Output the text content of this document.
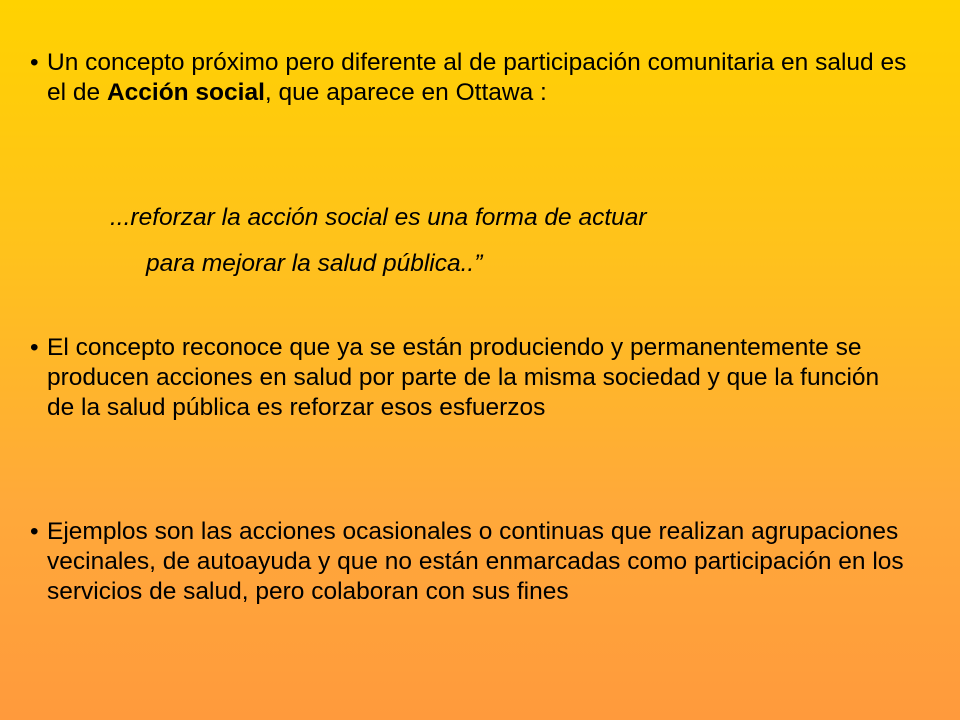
• Un concepto próximo pero diferente al de participación comunitaria en salud es el de Acción social, que aparece en Ottawa :
...reforzar la acción social es una forma de actuar
para mejorar la salud pública..”
• El concepto reconoce que ya se están produciendo y permanentemente se producen acciones en salud por parte de la misma sociedad y que la función de la salud pública es reforzar esos esfuerzos
• Ejemplos son las acciones ocasionales o continuas que realizan agrupaciones vecinales, de autoayuda y que no están enmarcadas como participación en los servicios de salud, pero colaboran con sus fines
